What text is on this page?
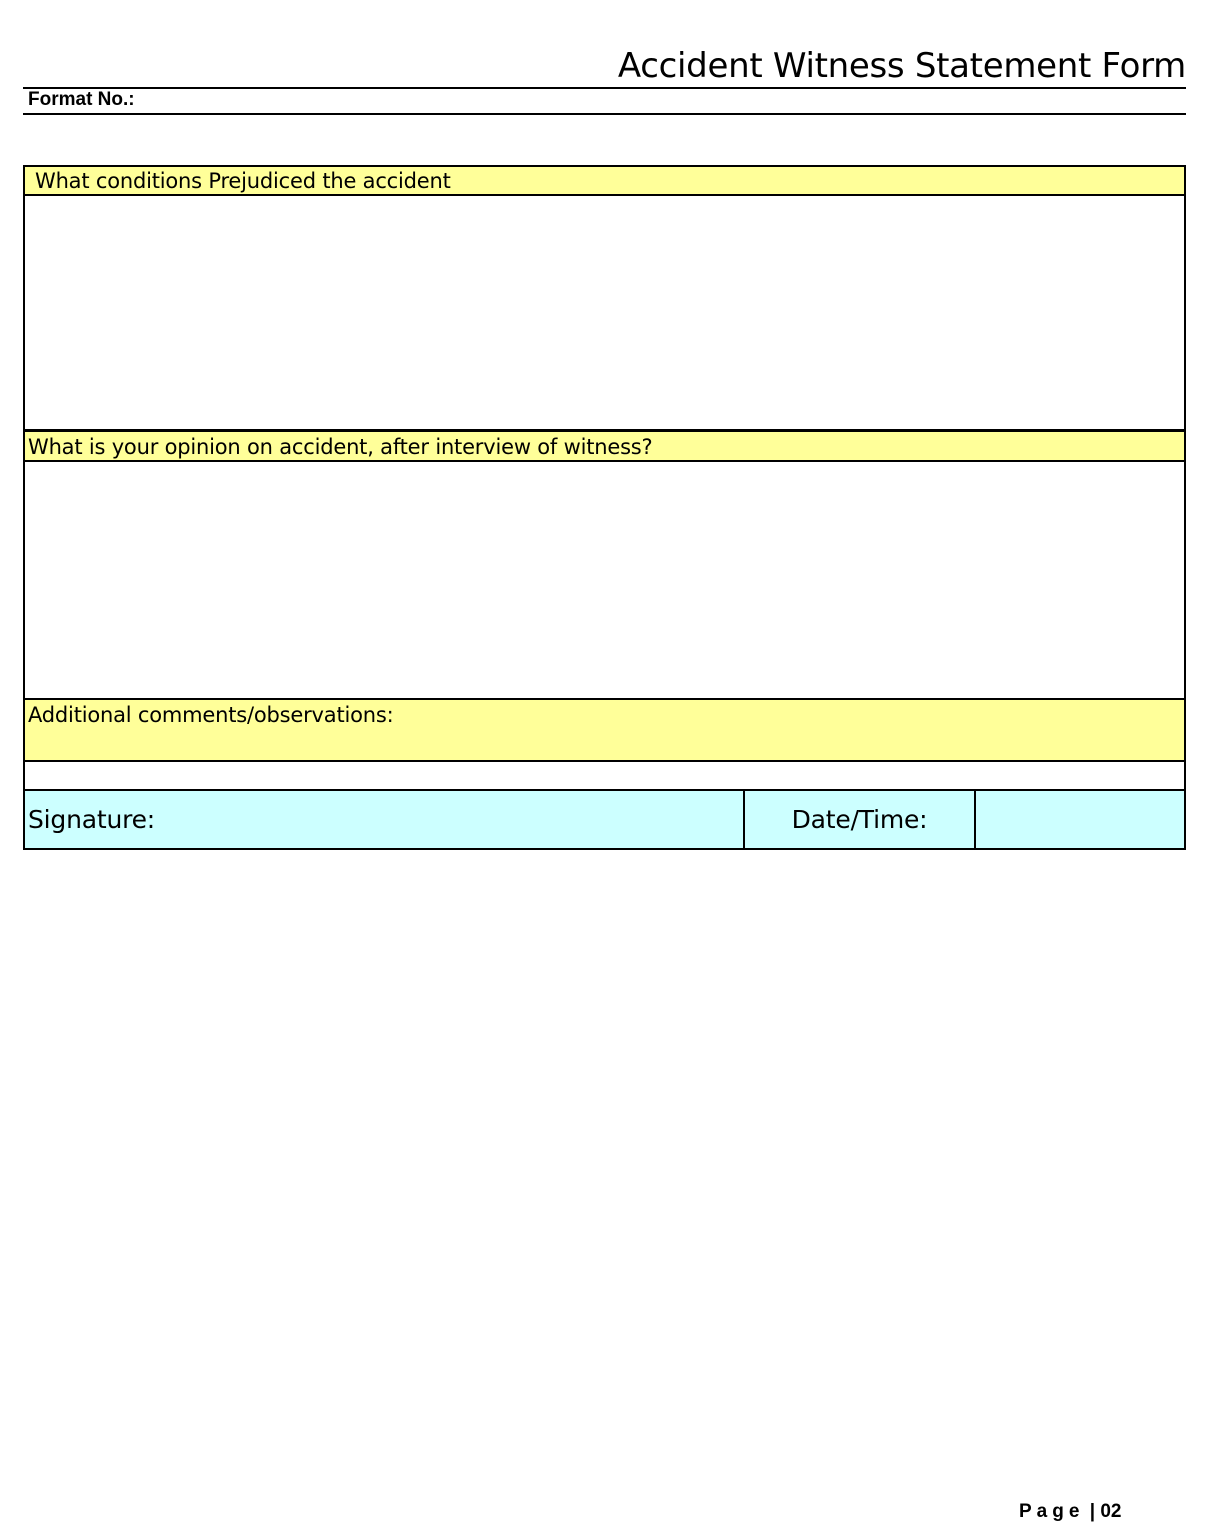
Accident Witness Statement Form
Format No.:
What conditions Prejudiced the accident
What is your opinion on accident, after interview of witness?
Additional comments/observations:
Signature:	Date/Time:
Page | 02
